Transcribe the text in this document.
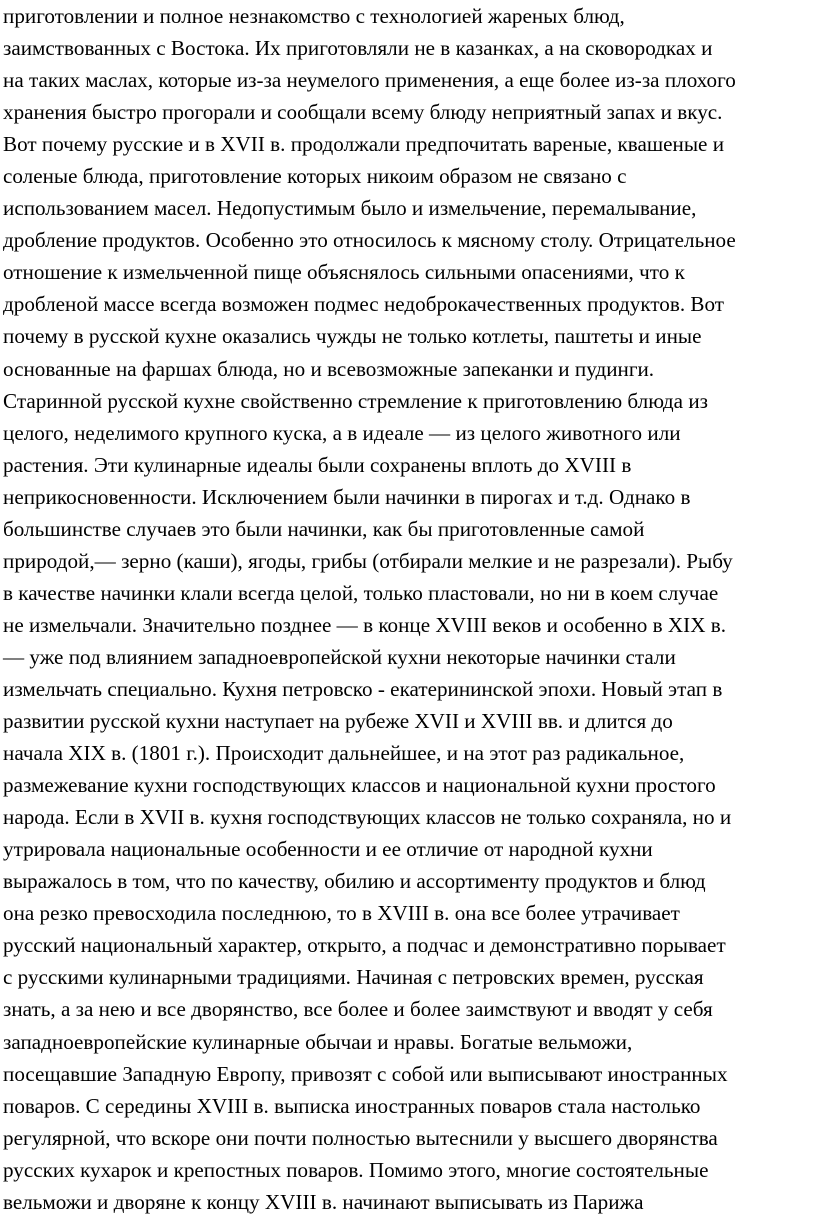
приготовлении и полное незнакомство с технологией жареных блюд,
заимствованных с Востока. Их приготовляли не в казанках, а на сковородках и
на таких маслах, которые из-за неумелого применения, а еще более из-за плохого
хранения быстро прогорали и сообщали всему блюду неприятный запах и вкус.
Вот почему русские и в XVII в. продолжали предпочитать вареные, квашеные и
соленые блюда, приготовление которых никоим образом не связано с
использованием масел. Недопустимым было и измельчение, перемалывание,
дробление продуктов. Особенно это относилось к мясному столу. Отрицательное
отношение к измельченной пище объяснялось сильными опасениями, что к
дробленой массе всегда возможен подмес недоброкачественных продуктов. Вот
почему в русской кухне оказались чужды не только котлеты, паштеты и иные
основанные на фаршах блюда, но и всевозможные запеканки и пудинги.
Старинной русской кухне свойственно стремление к приготовлению блюда из
целого, неделимого крупного куска, а в идеале — из целого животного или
растения. Эти кулинарные идеалы были сохранены вплоть до XVIII в
неприкосновенности. Исключением были начинки в пирогах и т.д. Однако в
большинстве случаев это были начинки, как бы приготовленные самой
природой,— зерно (каши), ягоды, грибы (отбирали мелкие и не разрезали). Рыбу
в качестве начинки клали всегда целой, только пластовали, но ни в коем случае
не измельчали. Значительно позднее — в конце XVIII веков и особенно в XIX в.
— уже под влиянием западноевропейской кухни некоторые начинки стали
измельчать специально. Кухня петровско - екатерининской эпохи. Новый этап в
развитии русской кухни наступает на рубеже XVII и XVIII вв. и длится до
начала XIX в. (1801 г.). Происходит дальнейшее, и на этот раз радикальное,
размежевание кухни господствующих классов и национальной кухни простого
народа. Если в XVII в. кухня господствующих классов не только сохраняла, но и
утрировала национальные особенности и ее отличие от народной кухни
выражалось в том, что по качеству, обилию и ассортименту продуктов и блюд
она резко превосходила последнюю, то в XVIII в. она все более утрачивает
русский национальный характер, открыто, а подчас и демонстративно порывает
с русскими кулинарными традициями. Начиная с петровских времен, русская
знать, а за нею и все дворянство, все более и более заимствуют и вводят у себя
западноевропейские кулинарные обычаи и нравы. Богатые вельможи,
посещавшие Западную Европу, привозят с собой или выписывают иностранных
поваров. С середины XVIII в. выписка иностранных поваров стала настолько
регулярной, что вскоре они почти полностью вытеснили у высшего дворянства
русских кухарок и крепостных поваров. Помимо этого, многие состоятельные
вельможи и дворяне к концу XVIII в. начинают выписывать из Парижа
